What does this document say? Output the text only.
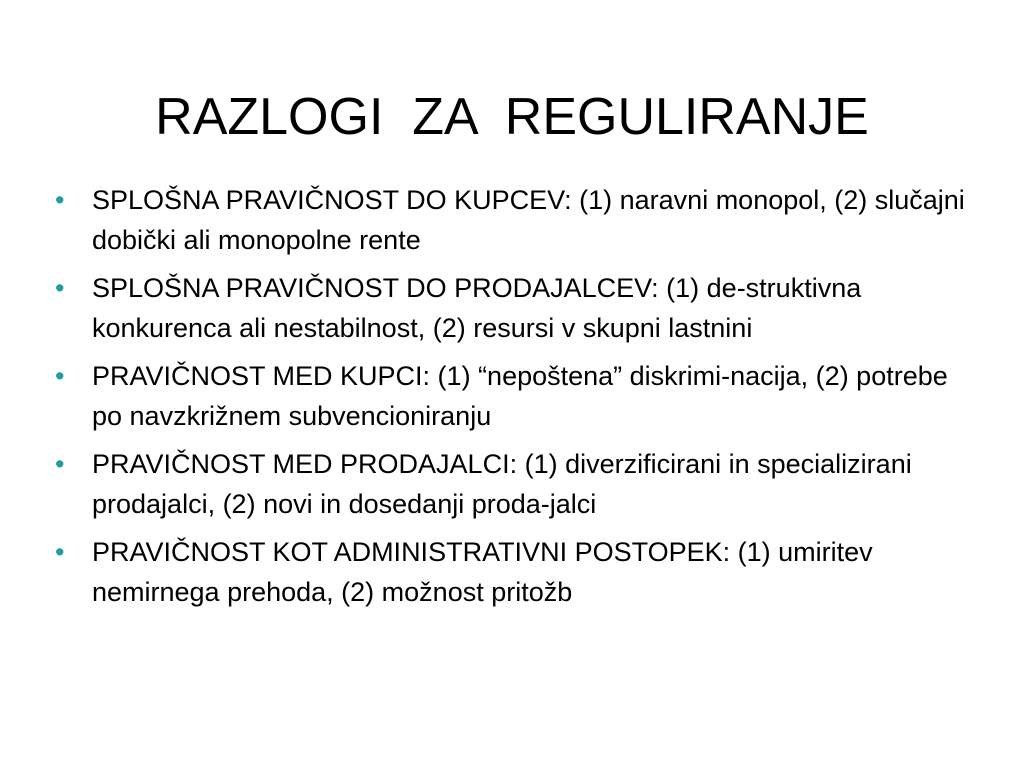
RAZLOGI  ZA  REGULIRANJE
• SPLOŠNA PRAVIČNOST DO KUPCEV: (1) naravni monopol, (2) slučajni dobički ali monopolne rente
• SPLOŠNA PRAVIČNOST DO PRODAJALCEV: (1) de-struktivna konkurenca ali nestabilnost, (2) resursi v skupni lastnini
• PRAVIČNOST MED KUPCI: (1) “nepoštena” diskrimi-nacija, (2) potrebe po navzkrižnem subvencioniranju
• PRAVIČNOST MED PRODAJALCI: (1) diverzificirani in specializirani prodajalci, (2) novi in dosedanji proda-jalci
• PRAVIČNOST KOT ADMINISTRATIVNI POSTOPEK: (1) umiritev nemirnega prehoda, (2) možnost pritožb
